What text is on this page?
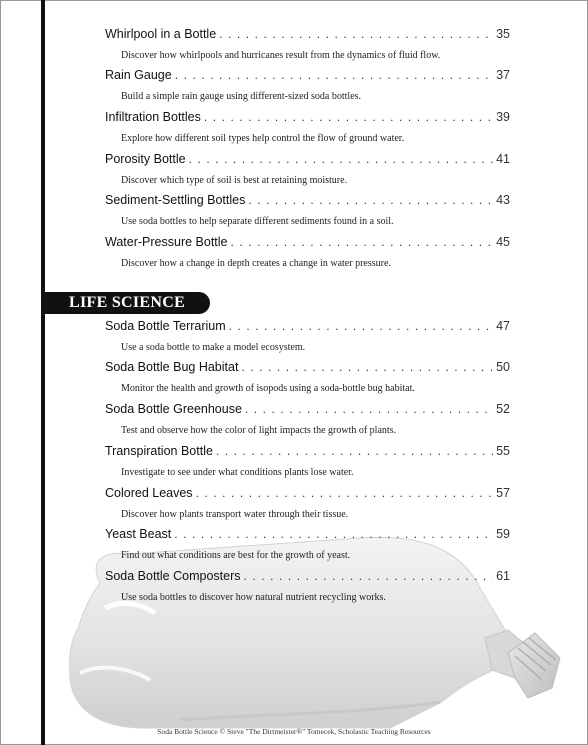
Whirlpool in a Bottle . . .	35
Discover how whirlpools and hurricanes result from the dynamics of fluid flow.
Rain Gauge . . .	37
Build a simple rain gauge using different-sized soda bottles.
Infiltration Bottles . . .	39
Explore how different soil types help control the flow of ground water.
Porosity Bottle . . .	41
Discover which type of soil is best at retaining moisture.
Sediment-Settling Bottles . . .	43
Use soda bottles to help separate different sediments found in a soil.
Water-Pressure Bottle . . .	45
Discover how a change in depth creates a change in water pressure.
LIFE SCIENCE
Soda Bottle Terrarium . . .	47
Use a soda bottle to make a model ecosystem.
Soda Bottle Bug Habitat . . .	50
Monitor the health and growth of isopods using a soda-bottle bug habitat.
Soda Bottle Greenhouse . . .	52
Test and observe how the color of light impacts the growth of plants.
Transpiration Bottle . . .	55
Investigate to see under what conditions plants lose water.
Colored Leaves . . .	57
Discover how plants transport water through their tissue.
Yeast Beast . . .	59
Find out what conditions are best for the growth of yeast.
Soda Bottle Composters . . .	61
Use soda bottles to discover how natural nutrient recycling works.
Soda Bottle Science © Steve "The Dirtmeister®" Tomecek, Scholastic Teaching Resources
